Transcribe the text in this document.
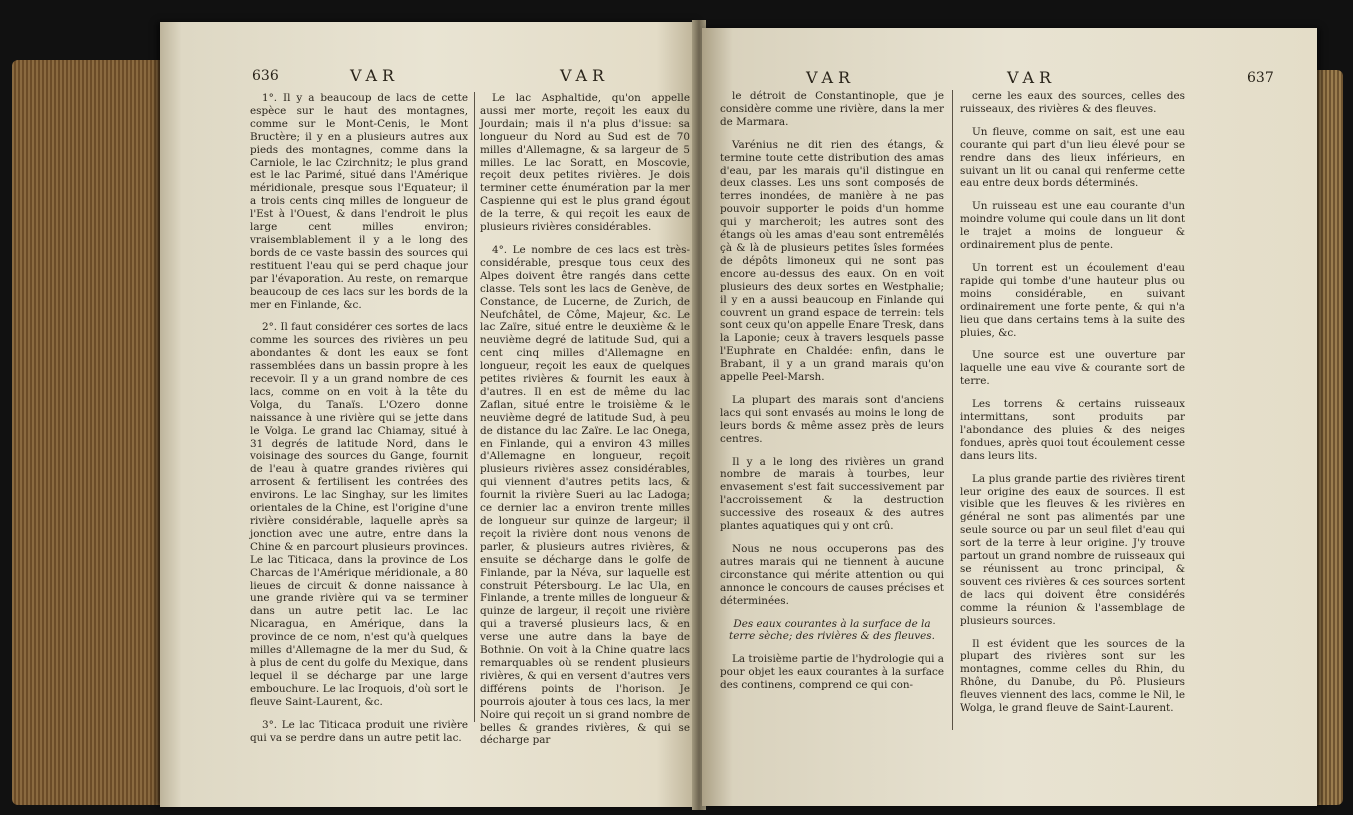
636	VAR	VAR

1°. Il y a beaucoup de lacs de cette espèce sur le haut des montagnes, comme sur le Mont-Cenis, le Mont Bructère; il y en a plusieurs autres aux pieds des montagnes, comme dans la Carniole, le lac Czirchnitz; le plus grand est le lac Parimé, situé dans l'Amérique méridionale, presque sous l'Equateur; il a trois cents cinq milles de longueur de l'Est à l'Ouest, & dans l'endroit le plus large cent milles environ; vraisemblablement il y a le long des bords de ce vaste bassin des sources qui restituent l'eau qui se perd chaque jour par l'évaporation. Au reste, on remarque beaucoup de ces lacs sur les bords de la mer en Finlande, &c.

2°. Il faut considérer ces sortes de lacs comme les sources des rivières un peu abondantes & dont les eaux se font rassemblées dans un bassin propre à les recevoir. Il y a un grand nombre de ces lacs, comme on en voit à la tête du Volga, du Tanaïs. L'Ozero donne naissance à une rivière qui se jette dans le Volga. Le grand lac Chiamay, situé à 31 degrés de latitude Nord, dans le voisinage des sources du Gange, fournit de l'eau à quatre grandes rivières qui arrosent & fertilisent les contrées des environs. Le lac Singhay, sur les limites orientales de la Chine, est l'origine d'une rivière considérable, laquelle après sa jonction avec une autre, entre dans la Chine & en parcourt plusieurs provinces. Le lac Titicaca, dans la province de Los Charcas de l'Amérique méridionale, a 80 lieues de circuit & donne naissance à une grande rivière qui va se terminer dans un autre petit lac. Le lac Nicaragua, en Amérique, dans la province de ce nom, n'est qu'à quelques milles d'Allemagne de la mer du Sud, & à plus de cent du golfe du Mexique, dans lequel il se décharge par une large embouchure. Le lac Iroquois, d'où sort le fleuve Saint-Laurent, &c.

3°. Le lac Titicaca produit une rivière qui va se perdre dans un autre petit lac.

Le lac Asphaltide, qu'on appelle aussi mer morte, reçoit les eaux du Jourdain; mais il n'a plus d'issue: sa longueur du Nord au Sud est de 70 milles d'Allemagne, & sa largeur de 5 milles. Le lac Soratt, en Moscovie, reçoit deux petites rivières. Je dois terminer cette énumération par la mer Caspienne qui est le plus grand égout de la terre, & qui reçoit les eaux de plusieurs rivières considérables.

4°. Le nombre de ces lacs est très-considérable, presque tous ceux des Alpes doivent être rangés dans cette classe. Tels sont les lacs de Genève, de Constance, de Lucerne, de Zurich, de Neufchâtel, de Côme, Majeur, &c. Le lac Zaïre, situé entre le deuxième & le neuvième degré de latitude Sud, qui a cent cinq milles d'Allemagne en longueur, reçoit les eaux de quelques petites rivières & fournit les eaux à d'autres. Il en est de même du lac Zaflan, situé entre le troisième & le neuvième degré de latitude Sud, à peu de distance du lac Zaïre. Le lac Onega, en Finlande, qui a environ 43 milles d'Allemagne en longueur, reçoit plusieurs rivières assez considérables, qui viennent d'autres petits lacs, & fournit la rivière Sueri au lac Ladoga; ce dernier lac a environ trente milles de longueur sur quinze de largeur; il reçoit la rivière dont nous venons de parler, & plusieurs autres rivières, & ensuite se décharge dans le golfe de Finlande, par la Néva, sur laquelle est construit Pétersbourg. Le lac Ula, en Finlande, a trente milles de longueur & quinze de largeur, il reçoit une rivière qui a traversé plusieurs lacs, & en verse une autre dans la baye de Bothnie. On voit à la Chine quatre lacs remarquables où se rendent plusieurs rivières, & qui en versent d'autres vers différens points de l'horison. Je pourrois ajouter à tous ces lacs, la mer Noire qui reçoit un si grand nombre de belles & grandes rivières, & qui se décharge par

VAR	VAR	637

le détroit de Constantinople, que je considère comme une rivière, dans la mer de Marmara.

Varénius ne dit rien des étangs, & termine toute cette distribution des amas d'eau, par les marais qu'il distingue en deux classes. Les uns sont composés de terres inondées, de manière à ne pas pouvoir supporter le poids d'un homme qui y marcheroit; les autres sont des étangs où les amas d'eau sont entremêlés çà & là de plusieurs petites îsles formées de dépôts limoneux qui ne sont pas encore au-dessus des eaux. On en voit plusieurs des deux sortes en Westphalie; il y en a aussi beaucoup en Finlande qui couvrent un grand espace de terrein: tels sont ceux qu'on appelle Enare Tresk, dans la Laponie; ceux à travers lesquels passe l'Euphrate en Chaldée: enfin, dans le Brabant, il y a un grand marais qu'on appelle Peel-Marsh.

La plupart des marais sont d'anciens lacs qui sont envasés au moins le long de leurs bords & même assez près de leurs centres.

Il y a le long des rivières un grand nombre de marais à tourbes, leur envasement s'est fait successivement par l'accroissement & la destruction successive des roseaux & des autres plantes aquatiques qui y ont crû.

Nous ne nous occuperons pas des autres marais qui ne tiennent à aucune circonstance qui mérite attention ou qui annonce le concours de causes précises et déterminées.

Des eaux courantes à la surface de la terre sèche; des rivières & des fleuves.

La troisième partie de l'hydrologie qui a pour objet les eaux courantes à la surface des continens, comprend ce qui con-

cerne les eaux des sources, celles des ruisseaux, des rivières & des fleuves.

Un fleuve, comme on sait, est une eau courante qui part d'un lieu élevé pour se rendre dans des lieux inférieurs, en suivant un lit ou canal qui renferme cette eau entre deux bords déterminés.

Un ruisseau est une eau courante d'un moindre volume qui coule dans un lit dont le trajet a moins de longueur & ordinairement plus de pente.

Un torrent est un écoulement d'eau rapide qui tombe d'une hauteur plus ou moins considérable, en suivant ordinairement une forte pente, & qui n'a lieu que dans certains tems à la suite des pluies, &c.

Une source est une ouverture par laquelle une eau vive & courante sort de terre.

Les torrens & certains ruisseaux intermittans, sont produits par l'abondance des pluies & des neiges fondues, après quoi tout écoulement cesse dans leurs lits.

La plus grande partie des rivières tirent leur origine des eaux de sources. Il est visible que les fleuves & les rivières en général ne sont pas alimentés par une seule source ou par un seul filet d'eau qui sort de la terre à leur origine. J'y trouve partout un grand nombre de ruisseaux qui se réunissent au tronc principal, & souvent ces rivières & ces sources sortent de lacs qui doivent être considérés comme la réunion & l'assemblage de plusieurs sources.

Il est évident que les sources de la plupart des rivières sont sur les montagnes, comme celles du Rhin, du Rhône, du Danube, du Pô. Plusieurs fleuves viennent des lacs, comme le Nil, le Wolga, le grand fleuve de Saint-Laurent.
